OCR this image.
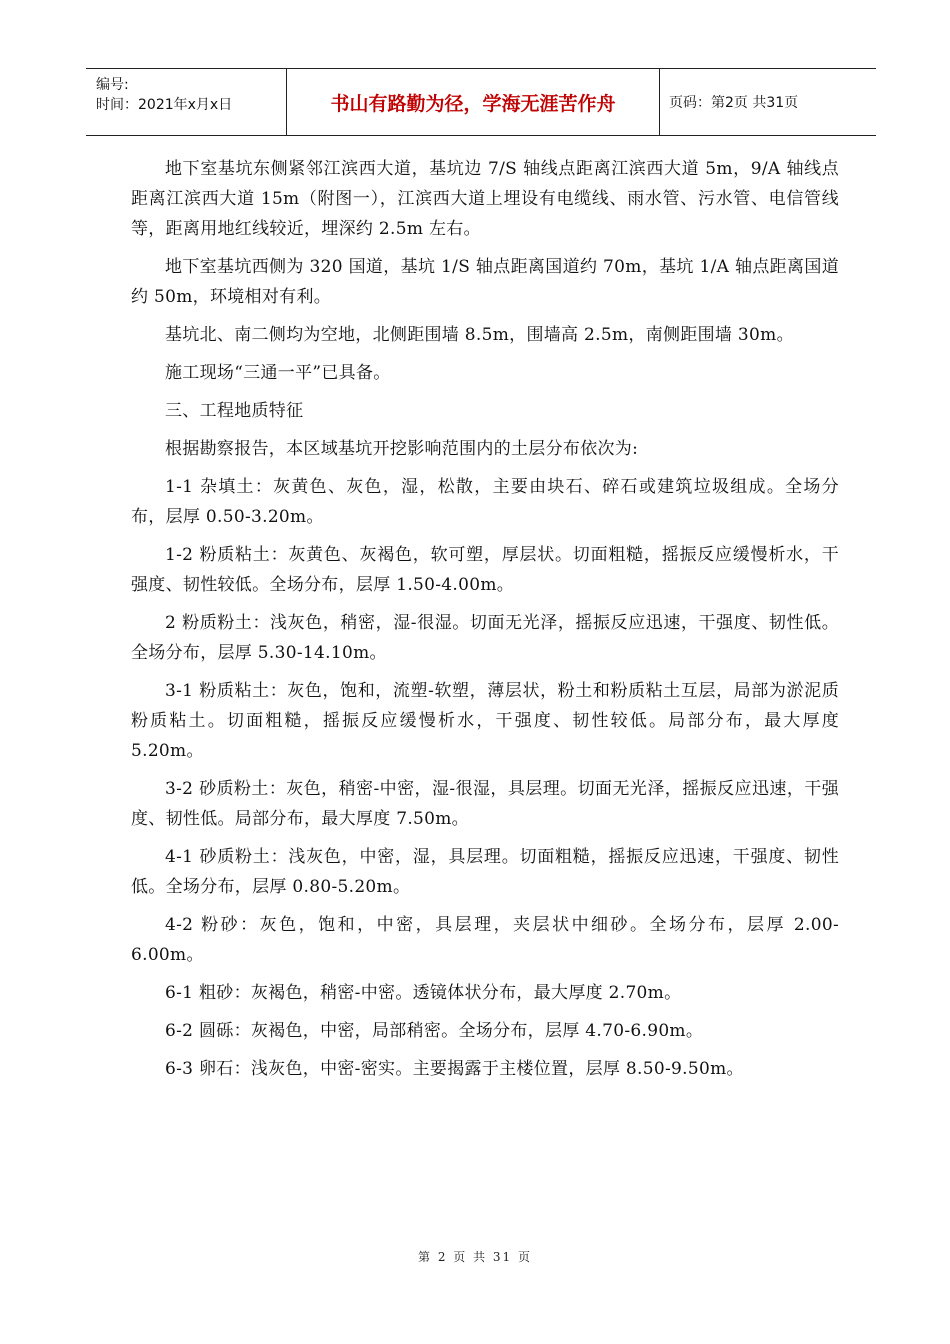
编号:
时间：2021年x月x日	书山有路勤为径，学海无涯苦作舟	页码：第2页 共31页

地下室基坑东侧紧邻江滨西大道，基坑边 7/S 轴线点距离江滨西大道 5m，9/A 轴线点距离江滨西大道 15m（附图一），江滨西大道上埋设有电缆线、雨水管、污水管、电信管线等，距离用地红线较近，埋深约 2.5m 左右。

地下室基坑西侧为 320 国道，基坑 1/S 轴点距离国道约 70m，基坑 1/A 轴点距离国道约 50m，环境相对有利。

基坑北、南二侧均为空地，北侧距围墙 8.5m，围墙高 2.5m，南侧距围墙 30m。

施工现场“三通一平”已具备。

三、工程地质特征

根据勘察报告，本区域基坑开挖影响范围内的土层分布依次为:

1-1 杂填土：灰黄色、灰色，湿，松散，主要由块石、碎石或建筑垃圾组成。全场分布，层厚 0.50-3.20m。

1-2 粉质粘土：灰黄色、灰褐色，软可塑，厚层状。切面粗糙，摇振反应缓慢析水，干强度、韧性较低。全场分布，层厚 1.50-4.00m。

2 粉质粉土：浅灰色，稍密，湿-很湿。切面无光泽，摇振反应迅速，干强度、韧性低。全场分布，层厚 5.30-14.10m。

3-1 粉质粘土：灰色，饱和，流塑-软塑，薄层状，粉土和粉质粘土互层，局部为淤泥质粉质粘土。切面粗糙，摇振反应缓慢析水，干强度、韧性较低。局部分布，最大厚度 5.20m。

3-2 砂质粉土：灰色，稍密-中密，湿-很湿，具层理。切面无光泽，摇振反应迅速，干强度、韧性低。局部分布，最大厚度 7.50m。

4-1 砂质粉土：浅灰色，中密，湿，具层理。切面粗糙，摇振反应迅速，干强度、韧性低。全场分布，层厚 0.80-5.20m。

4-2 粉砂：灰色，饱和，中密，具层理，夹层状中细砂。全场分布，层厚 2.00-6.00m。

6-1 粗砂：灰褐色，稍密-中密。透镜体状分布，最大厚度 2.70m。

6-2 圆砾：灰褐色，中密，局部稍密。全场分布，层厚 4.70-6.90m。

6-3 卵石：浅灰色，中密-密实。主要揭露于主楼位置，层厚 8.50-9.50m。

第 2 页 共 31 页
